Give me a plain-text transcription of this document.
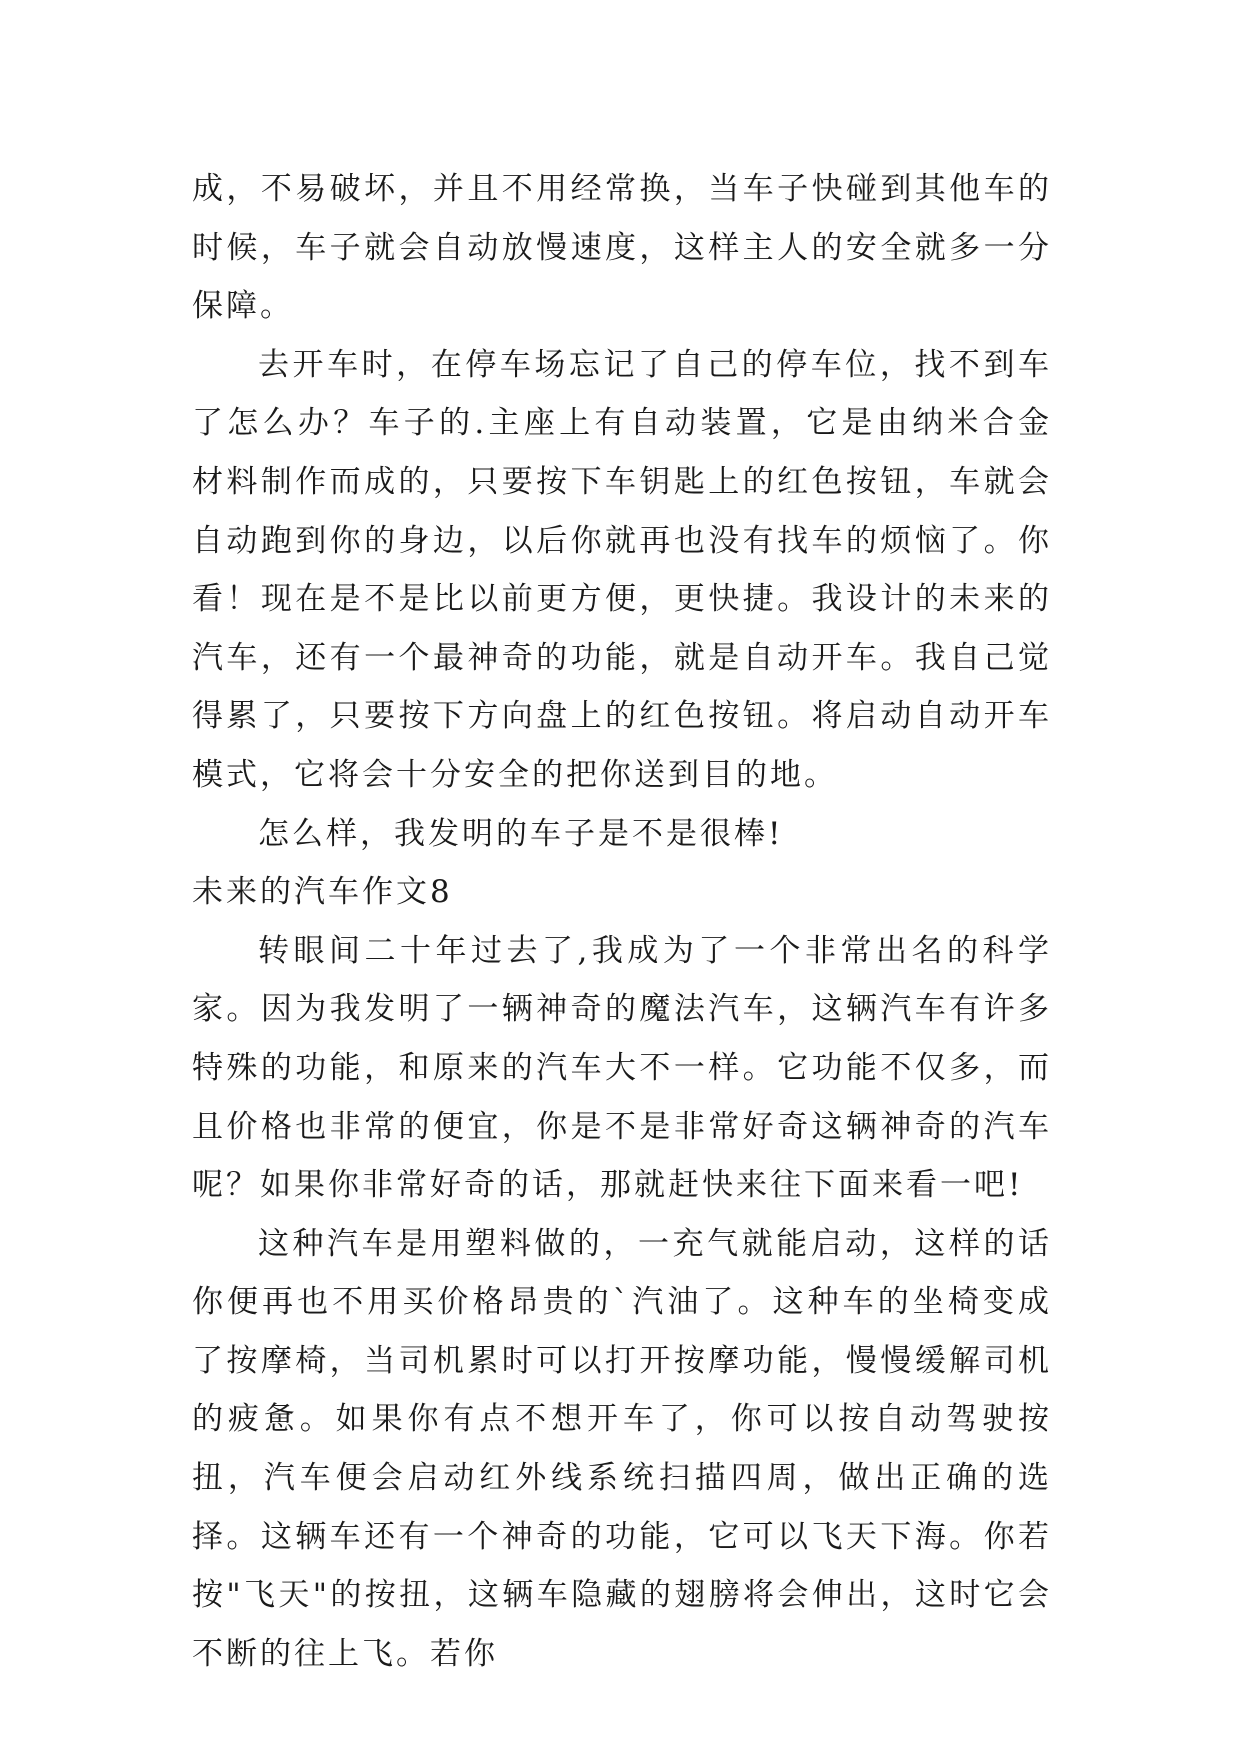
成，不易破坏，并且不用经常换，当车子快碰到其他车的时候，车子就会自动放慢速度，这样主人的安全就多一分保障。

去开车时，在停车场忘记了自己的停车位，找不到车了怎么办？车子的.主座上有自动装置，它是由纳米合金材料制作而成的，只要按下车钥匙上的红色按钮，车就会自动跑到你的身边，以后你就再也没有找车的烦恼了。你看！现在是不是比以前更方便，更快捷。我设计的未来的汽车，还有一个最神奇的功能，就是自动开车。我自己觉得累了，只要按下方向盘上的红色按钮。将启动自动开车模式，它将会十分安全的把你送到目的地。

怎么样，我发明的车子是不是很棒!

未来的汽车作文8

转眼间二十年过去了,我成为了一个非常出名的科学家。因为我发明了一辆神奇的魔法汽车，这辆汽车有许多特殊的功能，和原来的汽车大不一样。它功能不仅多，而且价格也非常的便宜，你是不是非常好奇这辆神奇的汽车呢？如果你非常好奇的话，那就赶快来往下面来看一吧!

这种汽车是用塑料做的，一充气就能启动，这样的话你便再也不用买价格昂贵的`汽油了。这种车的坐椅变成了按摩椅，当司机累时可以打开按摩功能，慢慢缓解司机的疲惫。如果你有点不想开车了，你可以按自动驾驶按扭，汽车便会启动红外线系统扫描四周，做出正确的选择。这辆车还有一个神奇的功能，它可以飞天下海。你若按"飞天"的按扭，这辆车隐藏的翅膀将会伸出，这时它会不断的往上飞。若你
